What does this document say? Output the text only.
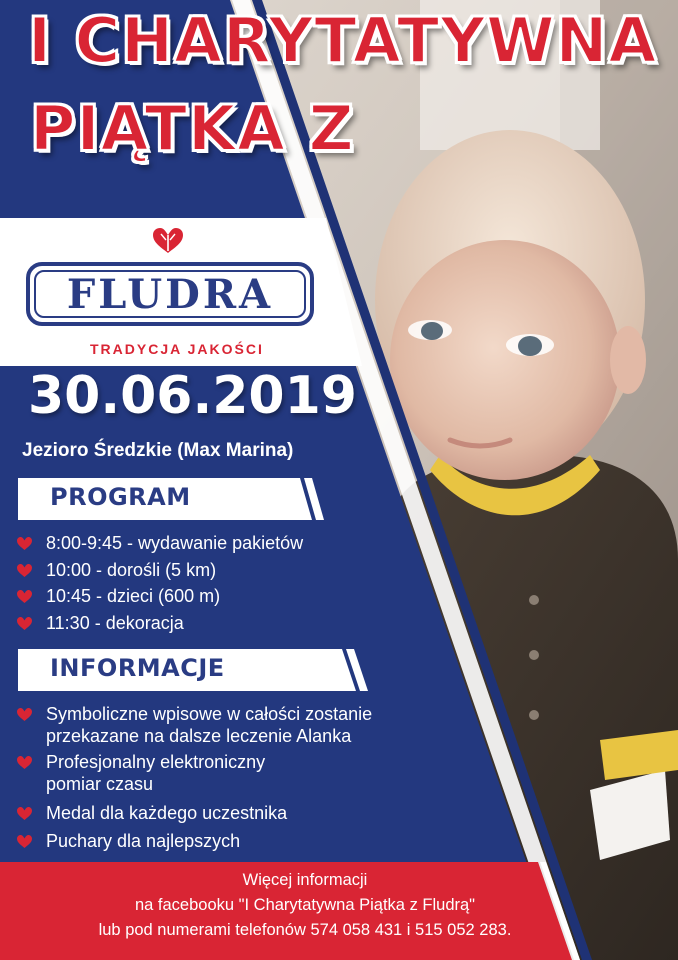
I CHARYTATYWNA
PIĄTKA Z
FLUDRA
TRADYCJA JAKOŚCI
30.06.2019
Jezioro Średzkie (Max Marina)
PROGRAM
8:00-9:45 - wydawanie pakietów
10:00 - dorośli (5 km)
10:45 - dzieci (600 m)
11:30 - dekoracja
INFORMACJE
Symboliczne wpisowe w całości zostanie
przekazane na dalsze leczenie Alanka
Profesjonalny elektroniczny
pomiar czasu
Medal dla każdego uczestnika
Puchary dla najlepszych
Więcej informacji
na facebooku "I Charytatywna Piątka z Fludrą"
lub pod numerami telefonów 574 058 431 i 515 052 283.
